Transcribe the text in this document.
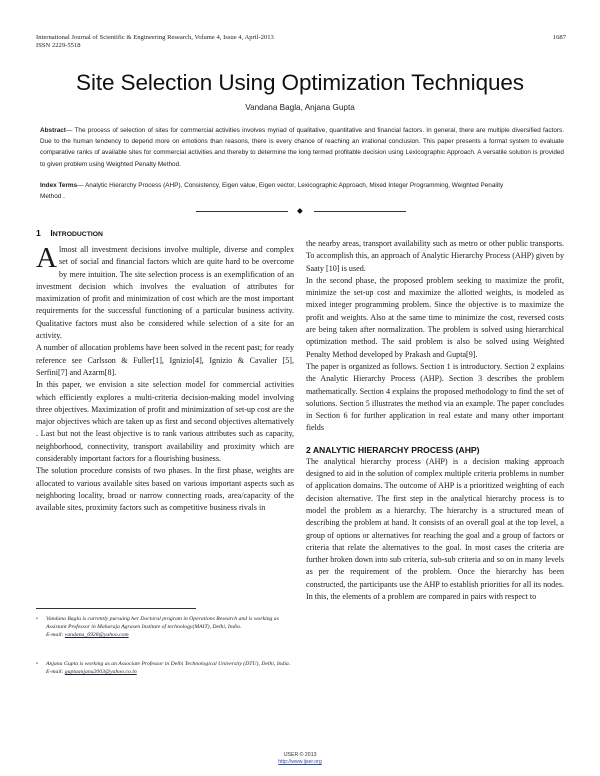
International Journal of Scientific & Engineering Research, Volume 4, Issue 4, April-2013
ISSN 2229-5518
1687
Site Selection Using Optimization Techniques
Vandana Bagla, Anjana Gupta
Abstract— The process of selection of sites for commercial activities involves myriad of qualitative, quantitative and financial factors. In general, there are multiple diversified factors. Due to the human tendency to depend more on emotions than reasons, there is every chance of reaching an irrational conclusion. This paper presents a formal system to evaluate comparative ranks of available sites for commercial activities and thereby to determine the long termed profitable decision using Lexicographic Approach. A versatile solution is provided to given problem using Weighted Penalty Method.
Index Terms— Analytic Hierarchy Process (AHP), Consistency, Eigen value, Eigen vector, Lexicographic Approach, Mixed Integer Programming, Weighted Penality Method .
◆
1 INTRODUCTION

Almost all investment decisions involve multiple, diverse and complex set of social and financial factors which are quite hard to be overcome by mere intuition. The site selection process is an exemplification of an investment decision which involves the evaluation of attributes for maximization of profit and minimization of cost which are the most important requirements for the successful functioning of a particular business activity. Qualitative factors must also be considered while selection of a site for an activity.

A number of allocation problems have been solved in the recent past; for ready reference see Carlsson & Fuller[1], Ignizio[4], Ignizio & Cavalier [5], Serfini[7] and Azarm[8].

In this paper, we envision a site selection model for commercial activities which efficiently explores a multi-criteria decision-making model involving three objectives. Maximization of profit and minimization of set-up cost are the major objectives which are taken up as first and second objectives alternatively . Last but not the least objective is to rank various attributes such as capacity, neighborhood, connectivity, transport availability and proximity which are considerably important factors for a flourishing business.

The solution procedure consists of two phases. In the first phase, weights are allocated to various available sites based on various important aspects such as neighboring locality, broad or narrow connecting roads, area/capacity of the available sites, proximity factors such as competitive business rivals in

the nearby areas, transport availability such as metro or other public transports. To accomplish this, an approach of Analytic Hierarchy Process (AHP) given by Saaty [10] is used.

In the second phase, the proposed problem seeking to maximize the profit, minimize the set-up cost and maximize the allotted weights, is modeled as mixed integer programming problem. Since the objective is to maximize the profit and weights. Also at the same time to minimize the cost, reversed costs are being taken after normalization. The problem is solved using hierarchical optimization method. The said problem is also be solved using Weighted Penalty Method developed by Prakash and Gupta[9].

The paper is organized as follows. Section 1 is introductory. Section 2 explains the Analytic Hierarchy Process (AHP). Section 3 describes the problem mathematically. Section 4 explains the proposed methodology to find the set of solutions. Section 5 illustrates the method via an example. The paper concludes in Section 6 for further application in real estate and many other important fields

2 ANALYTIC HIERARCHY PROCESS (AHP)

The analytical hierarchy process (AHP) is a decision making approach designed to aid in the solution of complex multiple criteria problems in number of application domains. The outcome of AHP is a prioritized weighting of each decision alternative. The first step in the analytical hierarchy process is to model the problem as a hierarchy. The hierarchy is a structured mean of describing the problem at hand. It consists of an overall goal at the top level, a group of options or alternatives for reaching the goal and a group of factors or criteria that relate the alternatives to the goal. In most cases the criteria are further broken down into sub criteria, sub-sub criteria and so on in many levels as per the requirement of the problem. Once the hierarchy has been constructed, the participants use the AHP to establish priorities for all its nodes. In this, the elements of a problem are compared in pairs with respect to

• Vandana Bagla is currently pursuing her Doctoral program in Operations Research and is working as Assistant Professor in Maharaja Agrasen Institute of technology(MAIT), Delhi, India.
E-mail: vandana_6928@yahoo.com
• Anjana Gupta is working as an Associate Professor in Delhi Technological University (DTU), Delhi, India.
E-mail: guptaanjana2003@yahoo.co.in
IJSER © 2013
http://www.ijser.org
